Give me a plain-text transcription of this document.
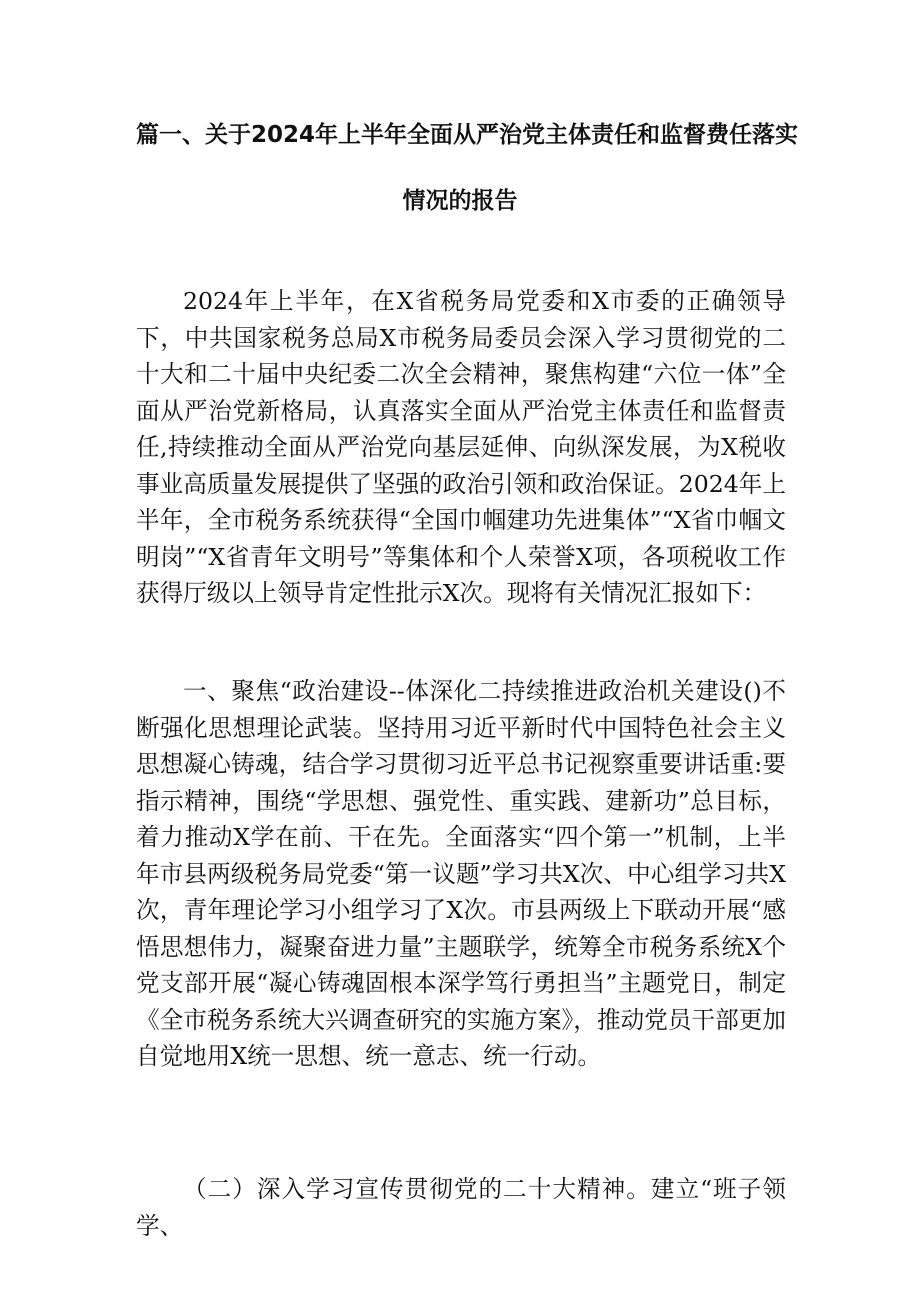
篇一、关于2024年上半年全面从严治党主体责任和监督费任落实
情况的报告

2024年上半年，在X省税务局党委和X市委的正确领导下，中共国家税务总局X市税务局委员会深入学习贯彻党的二十大和二十届中央纪委二次全会精神，聚焦构建“六位一体”全面从严治党新格局，认真落实全面从严治党主体责任和监督责任,持续推动全面从严治党向基层延伸、向纵深发展，为X税收事业高质量发展提供了坚强的政治引领和政治保证。2024年上半年，全市税务系统获得“全国巾帼建功先进集体”“X省巾帼文明岗”“X省青年文明号”等集体和个人荣誉X项，各项税收工作获得厅级以上领导肯定性批示X次。现将有关情况汇报如下：

一、聚焦“政治建设--体深化二持续推进政治机关建设()不断强化思想理论武装。坚持用习近平新时代中国特色社会主义思想凝心铸魂，结合学习贯彻习近平总书记视察重要讲话重:要指示精神，围绕“学思想、强党性、重实践、建新功”总目标，着力推动X学在前、干在先。全面落实“四个第一”机制，上半年市县两级税务局党委“第一议题”学习共X次、中心组学习共X次，青年理论学习小组学习了X次。市县两级上下联动开展“感悟思想伟力，凝聚奋进力量”主题联学，统筹全市税务系统X个党支部开展“凝心铸魂固根本深学笃行勇担当”主题党日，制定《全市税务系统大兴调查研究的实施方案》，推动党员干部更加自觉地用X统一思想、统一意志、统一行动。

（二）深入学习宣传贯彻党的二十大精神。建立“班子领学、
